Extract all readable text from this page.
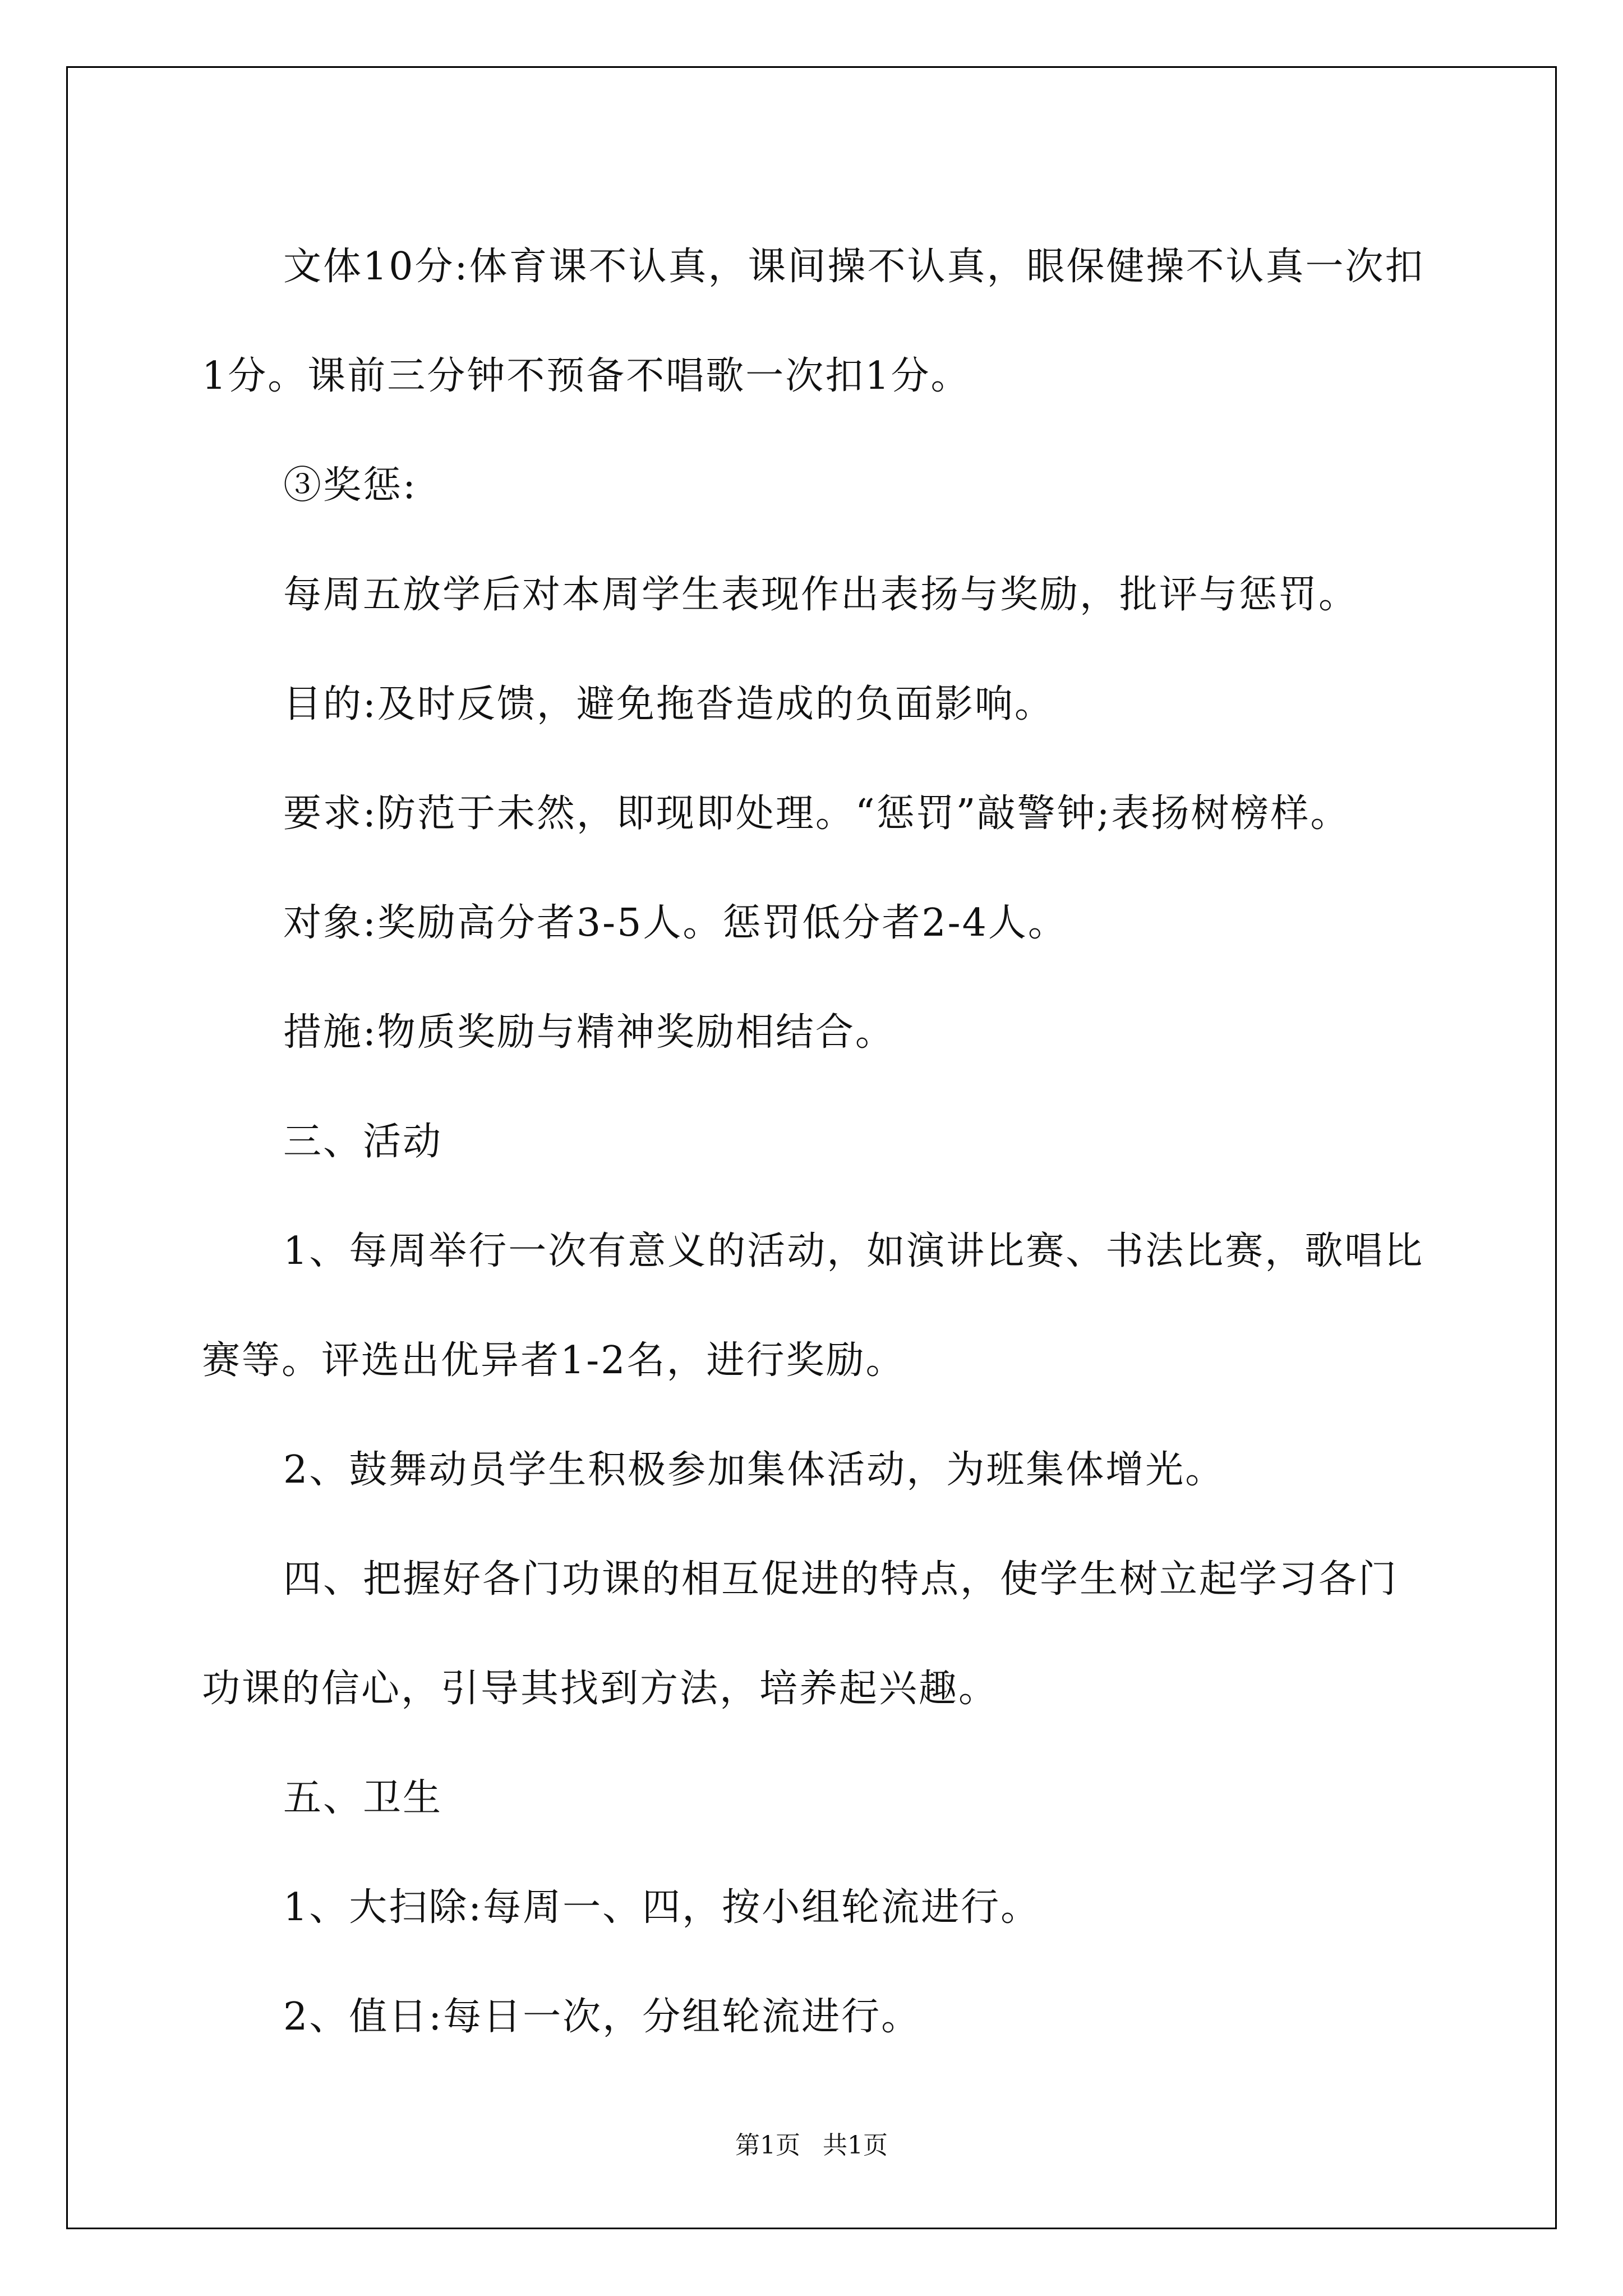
文体10分:体育课不认真，课间操不认真，眼保健操不认真一次扣1分。课前三分钟不预备不唱歌一次扣1分。

③奖惩:

每周五放学后对本周学生表现作出表扬与奖励，批评与惩罚。

目的:及时反馈，避免拖沓造成的负面影响。

要求:防范于未然，即现即处理。“惩罚”敲警钟;表扬树榜样。

对象:奖励高分者3-5人。惩罚低分者2-4人。

措施:物质奖励与精神奖励相结合。

三、活动

1、每周举行一次有意义的活动，如演讲比赛、书法比赛，歌唱比赛等。评选出优异者1-2名，进行奖励。

2、鼓舞动员学生积极参加集体活动，为班集体增光。

四、把握好各门功课的相互促进的特点，使学生树立起学习各门功课的信心，引导其找到方法，培养起兴趣。

五、卫生

1、大扫除:每周一、四，按小组轮流进行。

2、值日:每日一次，分组轮流进行。

第1页 共1页
